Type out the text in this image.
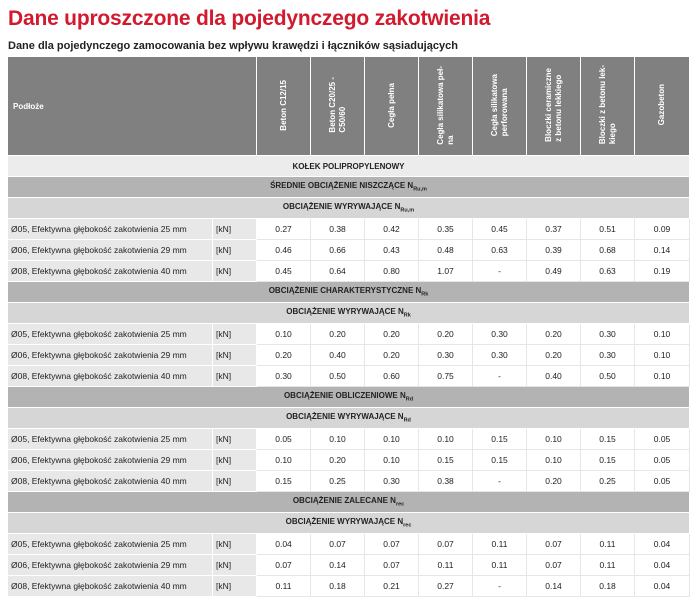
Dane uproszczone dla pojedynczego zakotwienia
Dane dla pojedynczego zamocowania bez wpływu krawędzi i łączników sąsiadujących
Podłoże		Beton C12/15	Beton C20/25 -
C50/60	Cegła pełna	Cegła silikatowa peł-
na	Cegła silikatowa
perforowana	Bloczki ceramiczne
z betonu lekkiego	Bloczki z betonu lek-
kiego	Gazobeton
KOŁEK POLIPROPYLENOWY									
ŚREDNIE OBCIĄŻENIE NISZCZĄCE $N_{Ru,m}$
OBCIĄŻENIE WYRYWAJĄCE $N_{Ru,m}$
Ø05, Efektywna głębokość zakotwienia 25 mm	[kN]	0.27	0.38	0.42	0.35	0.45	0.37	0.51	0.09
Ø06, Efektywna głębokość zakotwienia 29 mm	[kN]	0.46	0.66	0.43	0.48	0.63	0.39	0.68	0.14
Ø08, Efektywna głębokość zakotwienia 40 mm	[kN]	0.45	0.64	0.80	1.07	-	0.49	0.63	0.19
OBCIĄŻENIE CHARAKTERYSTYCZNE $N_{Rk}$
OBCIĄŻENIE WYRYWAJĄCE $N_{Rk}$
Ø05, Efektywna głębokość zakotwienia 25 mm	[kN]	0.10	0.20	0.20	0.20	0.30	0.20	0.30	0.10
Ø06, Efektywna głębokość zakotwienia 29 mm	[kN]	0.20	0.40	0.20	0.30	0.30	0.20	0.30	0.10
Ø08, Efektywna głębokość zakotwienia 40 mm	[kN]	0.30	0.50	0.60	0.75	-	0.40	0.50	0.10
OBCIĄŻENIE OBLICZENIOWE $N_{Rd}$
OBCIĄŻENIE WYRYWAJĄCE $N_{Rd}$
Ø05, Efektywna głębokość zakotwienia 25 mm	[kN]	0.05	0.10	0.10	0.10	0.15	0.10	0.15	0.05
Ø06, Efektywna głębokość zakotwienia 29 mm	[kN]	0.10	0.20	0.10	0.15	0.15	0.10	0.15	0.05
Ø08, Efektywna głębokość zakotwienia 40 mm	[kN]	0.15	0.25	0.30	0.38	-	0.20	0.25	0.05
OBCIĄŻENIE ZALECANE $N_{rec}$
OBCIĄŻENIE WYRYWAJĄCE $N_{rec}$
Ø05, Efektywna głębokość zakotwienia 25 mm	[kN]	0.04	0.07	0.07	0.07	0.11	0.07	0.11	0.04
Ø06, Efektywna głębokość zakotwienia 29 mm	[kN]	0.07	0.14	0.07	0.11	0.11	0.07	0.11	0.04
Ø08, Efektywna głębokość zakotwienia 40 mm	[kN]	0.11	0.18	0.21	0.27	-	0.14	0.18	0.04
